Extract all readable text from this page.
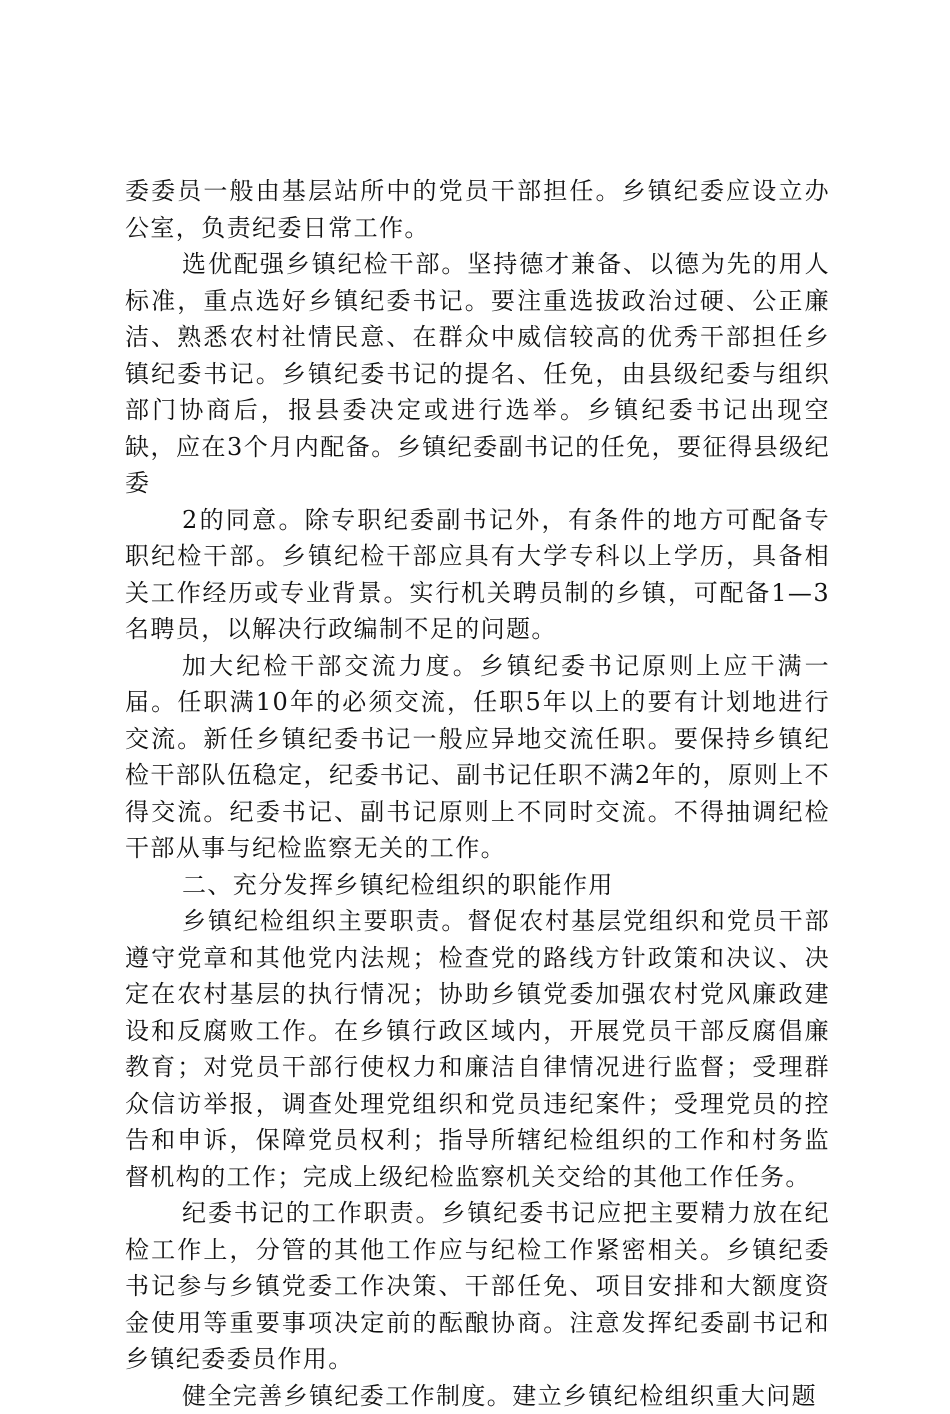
委委员一般由基层站所中的党员干部担任。乡镇纪委应设立办公室，负责纪委日常工作。

选优配强乡镇纪检干部。坚持德才兼备、以德为先的用人标准，重点选好乡镇纪委书记。要注重选拔政治过硬、公正廉洁、熟悉农村社情民意、在群众中威信较高的优秀干部担任乡镇纪委书记。乡镇纪委书记的提名、任免，由县级纪委与组织部门协商后，报县委决定或进行选举。乡镇纪委书记出现空缺，应在3个月内配备。乡镇纪委副书记的任免，要征得县级纪委

2的同意。除专职纪委副书记外，有条件的地方可配备专职纪检干部。乡镇纪检干部应具有大学专科以上学历，具备相关工作经历或专业背景。实行机关聘员制的乡镇，可配备1—3名聘员，以解决行政编制不足的问题。

加大纪检干部交流力度。乡镇纪委书记原则上应干满一届。任职满10年的必须交流，任职5年以上的要有计划地进行交流。新任乡镇纪委书记一般应异地交流任职。要保持乡镇纪检干部队伍稳定，纪委书记、副书记任职不满2年的，原则上不得交流。纪委书记、副书记原则上不同时交流。不得抽调纪检干部从事与纪检监察无关的工作。

二、充分发挥乡镇纪检组织的职能作用

乡镇纪检组织主要职责。督促农村基层党组织和党员干部遵守党章和其他党内法规；检查党的路线方针政策和决议、决定在农村基层的执行情况；协助乡镇党委加强农村党风廉政建设和反腐败工作。在乡镇行政区域内，开展党员干部反腐倡廉教育；对党员干部行使权力和廉洁自律情况进行监督；受理群众信访举报，调查处理党组织和党员违纪案件；受理党员的控告和申诉，保障党员权利；指导所辖纪检组织的工作和村务监督机构的工作；完成上级纪检监察机关交给的其他工作任务。

纪委书记的工作职责。乡镇纪委书记应把主要精力放在纪检工作上，分管的其他工作应与纪检工作紧密相关。乡镇纪委书记参与乡镇党委工作决策、干部任免、项目安排和大额度资金使用等重要事项决定前的酝酿协商。注意发挥纪委副书记和乡镇纪委委员作用。

健全完善乡镇纪委工作制度。建立乡镇纪检组织重大问题
